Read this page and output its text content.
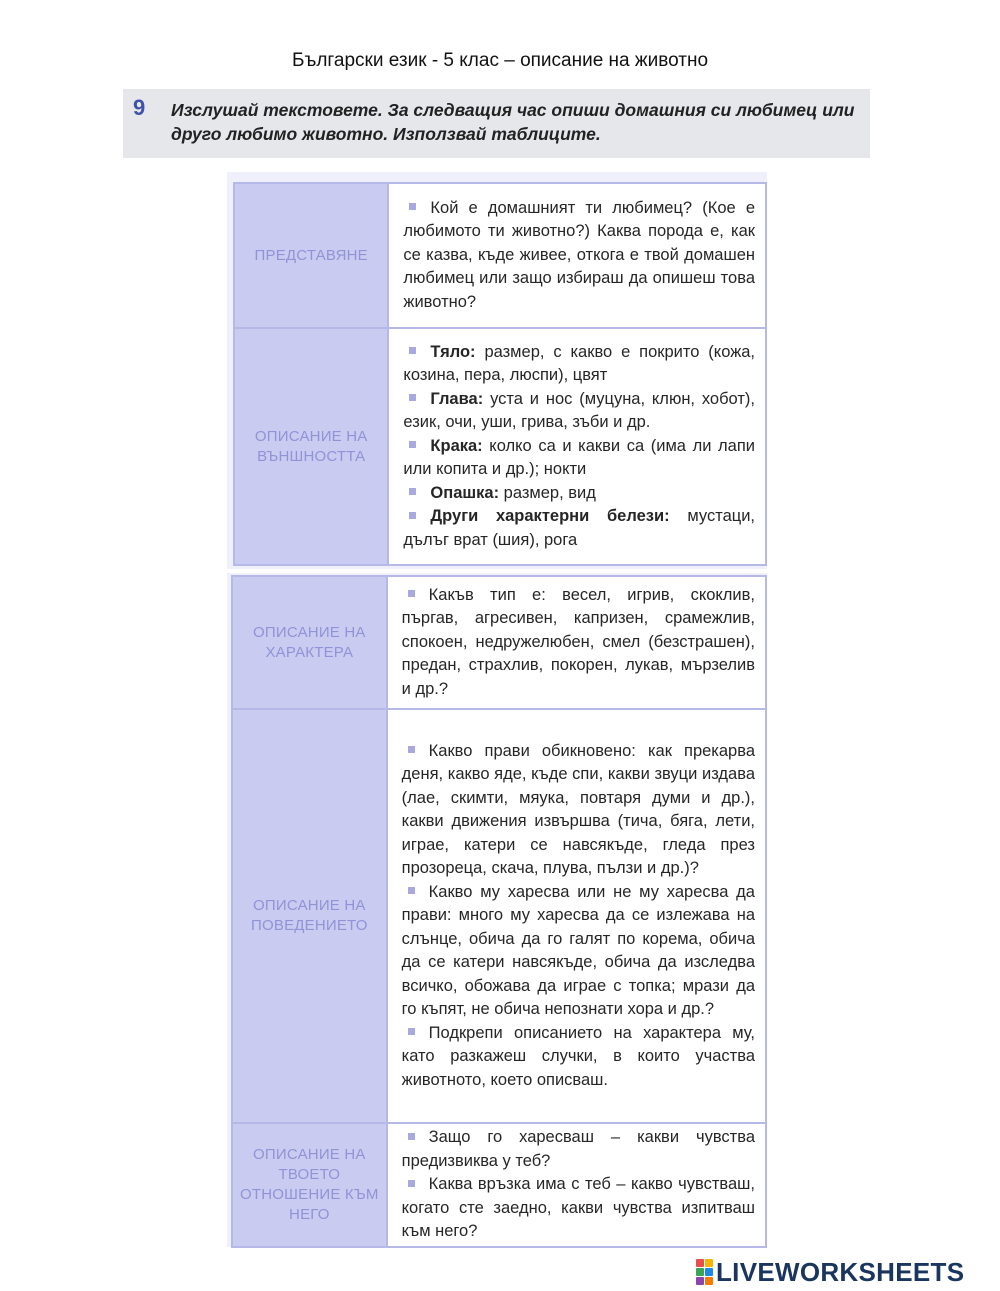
Български език - 5 клас – описание на животно
9 Изслушай текстовете. За следващия час опиши домашния си любимец или друго любимо животно. Използвай таблиците.
ПРЕДСТАВЯНЕ	Кой е домашният ти любимец? (Кое е любимото ти животно?) Каква порода е, как се казва, къде живее, откога е твой домашен любимец или защо избираш да опишеш това животно?

ОПИСАНИЕ НА ВЪНШНОСТТА	Тяло: размер, с какво е покрито (кожа, козина, пера, люспи), цвят

Глава: уста и нос (муцуна, клюн, хобот), език, очи, уши, грива, зъби и др.

Крака: колко са и какви са (има ли лапи или копита и др.); нокти

Опашка: размер, вид

Други характерни белези: мустаци, дълъг врат (шия), рога

ОПИСАНИЕ НА ХАРАКТЕРА	Какъв тип е: весел, игрив, скоклив, пъргав, агресивен, капризен, срамежлив, спокоен, недружелюбен, смел (безстрашен), предан, страхлив, покорен, лукав, мързелив и др.?

ОПИСАНИЕ НА ПОВЕДЕНИЕТО	Какво прави обикновено: как прекарва деня, какво яде, къде спи, какви звуци издава (лае, скимти, мяука, повтаря думи и др.), какви движения извършва (тича, бяга, лети, играе, катери се навсякъде, гледа през прозореца, скача, плува, пълзи и др.)?

Какво му харесва или не му харесва да прави: много му харесва да се излежава на слънце, обича да го галят по корема, обича да се катери навсякъде, обича да изследва всичко, обожава да играе с топка; мрази да го къпят, не обича непознати хора и др.?

Подкрепи описанието на характера му, като разкажеш случки, в които участва животното, което описваш.

ОПИСАНИЕ НА ТВОЕТО ОТНОШЕНИЕ КЪМ НЕГО	Защо го харесваш – какви чувства предизвиква у теб?

Каква връзка има с теб – какво чувстваш, когато сте заедно, какви чувства изпитваш към него?

LIVEWORKSHEETS
